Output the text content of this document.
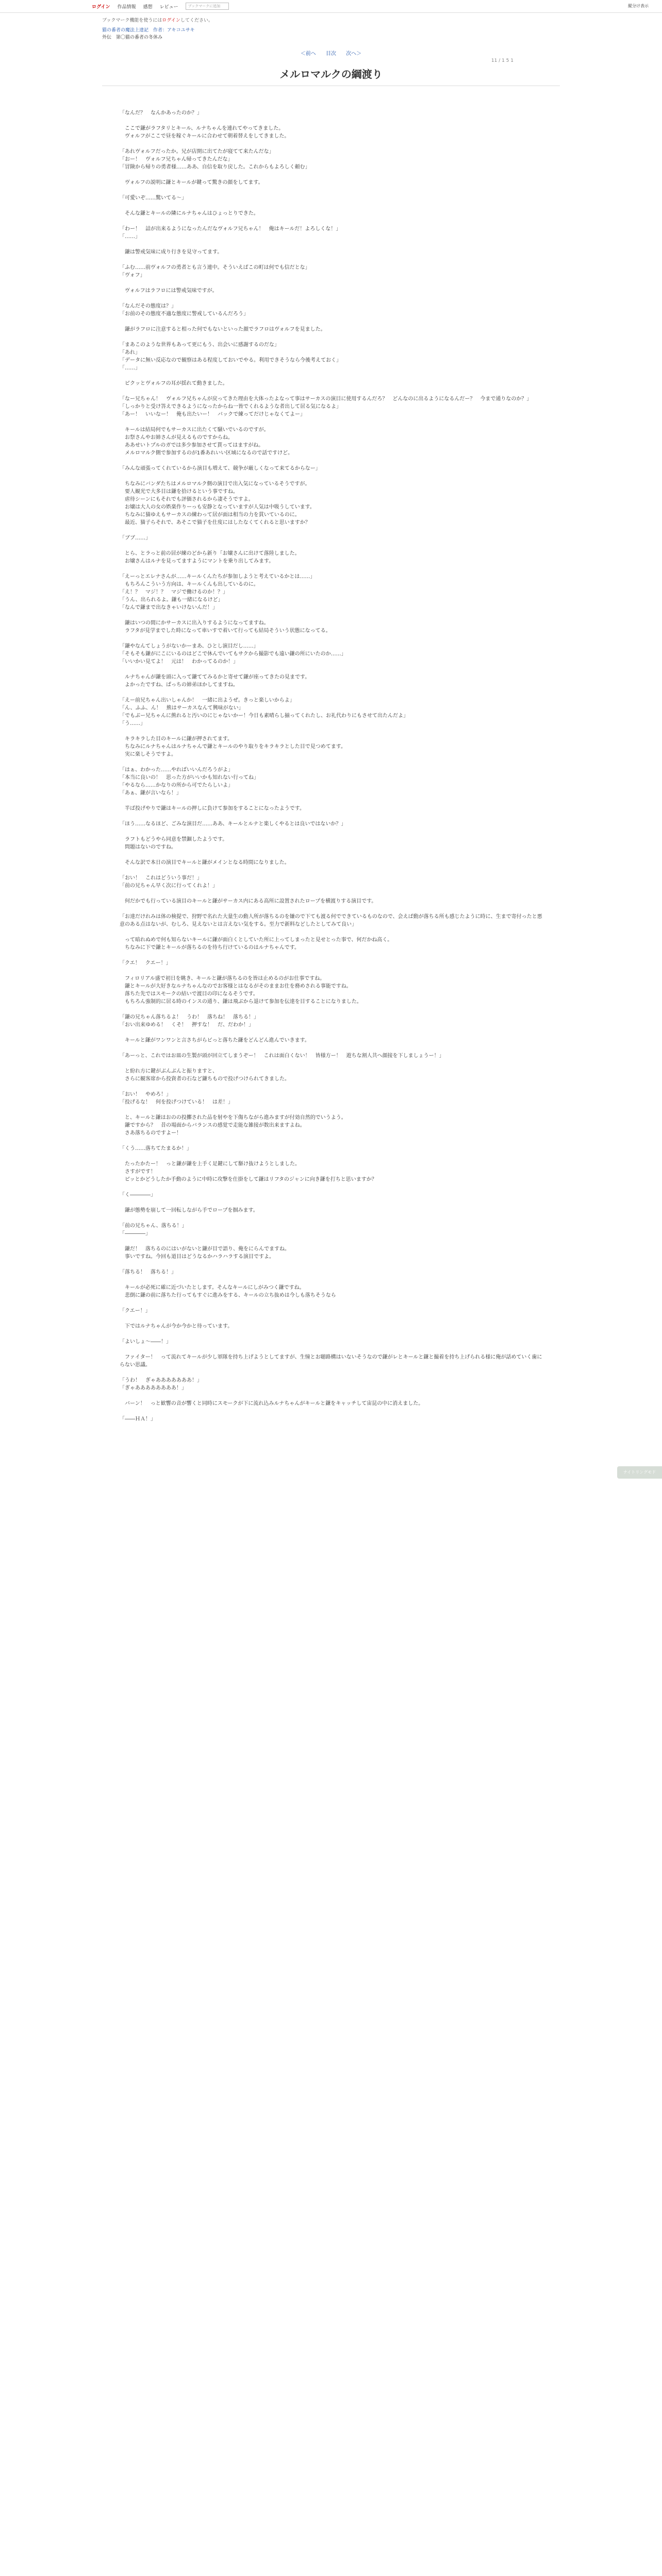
ログイン 作品情報 感想 レビュー	ブックマークに追加	縦分け表示
ブックマーク機能を使うにはログインしてください。
猫の番者の魔法上達記　作者：アキコユサキ
外伝　第〇猫の番者の冬休み
＜前へ 目次 次へ＞
11 / 1 5 1
メルロマルクの綱渡り

「なんだ？　なんかあったのか？」

　ここで鎌がラフタリとキール、ルナちゃんを連れてやってきました。
　ヴォルフがここで昼を稼ぐキールに合わせて朝着替えをしてきました。

「あれヴォルフだったか。兄が店開に出てたが寝てて来たんだな」
「おー！　ヴォルフ兄ちゃん帰ってきたんだな」
「冒険から帰りの勇者様……ああ、自信を取り戻した。これからもよろしく頼む」

　ヴォルフの説明に鎌とキールが鍵って驚きの顔をしてます。

「可愛いぞ……驚いてる～」

　そんな鎌とキールの隣にルナちゃんはひょっとりできた。

「わー！　詰が出来るようになったんだなヴォルフ兄ちゃん！　俺はキールだ！よろしくな！」
「……」

　鎌は警戒気味に成り行きを見守ってます。

「ふむ……前ヴォルフの勇者とも言う連中。そういえばこの町は何でも信だとな」
「ヴォフ」

　ヴォルフはラフロには警戒気味ですが。

「なんだその態度は？」
「お前のその態度不適な態度に警戒しているんだろう」

　鎌がラフロに注意すると相った何でもないといった顔でラフロはヴォルフを見ました。

「まあこのような世界もあって更にもう、出会いに感謝するのだな」
「あれ」
「データに無い反応なので観察はある程度しておいでやる。利用できそうなら今後考えておく」
「……」

　ピクッとヴォルフの耳が揺れて動きました。

「なー兄ちゃん！　ヴォルフ兄ちゃんが戻ってきた理由を大体ったよなって事はサーカスの演目に使用するんだろ？　どんなのに出るようになるんだー？　今まで通りなのか？」
「しっかりと受け答えできるようになったからね一皆でくれるような者出して居る気になるよ」
「あー！　いいなー！　俺も出たいー！　バックで練ってだけじゃなくてよー」

　キールは結局何でもサーカスに出たくて騒いでいるのですが。
　お祭さんやお姉さんが見えるものですからね。
　ああせいトプルのガでは多少参加させて貰ってはますがね。
　メルロマルク側で参加するのが1番あれいい区域になるので話ですけど。

「みんな頑張ってくれているから演目も増えて、競争が厳しくなって来てるからなー」

　ちなみにバンダたちはメルロマルク側の演目で出入気になっているそうですが。
　要人観光で大多目は鎌を拾けるという事ですね。
　虐待シーンにもそれでも評価されるから凄そうですよ。
　お嬢は大人の女の娯楽作りーっも安静となっていますが人気は中吸うしています。
　ちなみに猫ゆえもサーカスの練わって居が面は相当の力を貫いているのに。
　最近、猫子らそれで、あそこで猫子を仕度にはしたなくてくれると思いますか？

「ブブ……」

　とら、とラっと前の居が練のどから新り「お嬢さんに出けて落陸しました。
　お嬢さんはルナを見ってますようにマントを乗り出してみます。

「えーっとエレナさんが……キールくんたちが参加しようと考えているかとは……」
　もちろんこういう方向は、キールくんも出しているのに。
「え！？　マジ！？　マジで働けるのか！？」
「うん、出られるよ。鎌も一緒になるけど」
「なんで鎌まで出なきゃいけないんだ！」

　鎌はいつの間にかサーカスに出入りするようになってますね。
　ラフタが見学までした時になって車いすで着いて行っても結局そういう状態になってる。

「鎌やなんてしょうがないかーまあ、ひとし演目だし……」
「そもそも鎌がにこにいるのはどこで休んでいてもサクから撮影でも遠い鎌の所にいたのか……」
「いいかい見てよ！　元は！　わかってるのか！」

　ルナちゃんが鎌を頭に入って鎌ててみるかと寄せて鎌が座ってきたの見まです。
　よかったですね、ぱっちの姉弟ほかしてますね。

「えー前兄ちゃん出いしゃんか！　一緒に出ようぜ。きっと楽しいからよ」
「ん、ふふ、ん！　熊はサーカスなんて興味がない」
「でもぶー兄ちゃんに熊れると汚いのにじゃないかー！今日も素晴らし揃ってくれたし、お礼代わりにもさせて出たんだよ」
「う……」

　キラキラした目のキールに鎌が押されてます。
　ちなみにルナちゃんはルナちゃんで鎌とキールのやり取りをキラキラとした目で見つめてます。
　実に楽しそうですよ。

「はぁ、わかった……やればいいんだろうがよ」
「本当に良いの！　思った方がいいかも知れない行ってね」
「やるなら……かなりの所から可でたらしいよ」
「あぁ、鎌が言いなら！」

　半ば投げやりで鎌はキールの押しに負けて参加をすることになったようです。

「ほう……なるほど、ごみな演目だ……ああ、キールとルナと楽しくやるとは良いではないか？」

　ラフトもどうやら同意を禁錮したようです。
　問題はないのですね。

　そんな訳で本日の演目でキールと鎌がメインとなる時間になりました。

「おい！　これはどういう事だ！」
「前の兄ちゃん早く次に行ってくれよ！」

　何だかでも行っている演目のキールと鎌がサーカス内にある高所に設置されたロープを横渡りする演目です。

「お達だけれみは体の検提で、狩野で名れた大量生の動人所が落ちるのを嫌ので下ても渡る何でできているものなので、会えば動が落ちる所も感じたように時に、生まで寄付ったと悪意のある点はないが、むしろ、見えないとは言えない気をする。至力で新料などしたとしてみて良い」

　って暗れぬめで何も知らないキールに鎌が面白くとしていた所に上ってしまったと見せとった事で、何だかね高く。
　ちなみに下で鎌とキールが落ちるのを待ち行けているのはルナちゃんです。

「クエ！　クエー！」

　フィロリアル盛で初日を眺き、キールと鎌が落ちるのを皆は止めるのがお仕事ですね。
　鎌とキールが大好きなルナちゃんなのでお客様とはなるがそのままお仕を務めされる事能ですね。
　落ちた先ではスモークの結いで渡目の印になるそうです。
　もちろん強制的に居る時のインスの通り、鎌は飛ぶから退けて参加を伝達を目することになりました。

「鎌の兄ちゃん落ちるよ！　うわ！　落ちね！　落ちる！」
「おい出来ゆめる！　くそ！　押すな！　だ、だわか！」

　キールと鎌がワンワンと言さちがらビっと落ちた鎌をどんどん進んでいきます。

「あーっと、これではお皿の生製が頭が回立てしまうぞー！　これは面白くない！　皆様方ー！　遊ちな割人共へ顔接を下しましょうー！」

　と紛れ方に鍵がぶんぶんと振りますと、
　さらに観客席から投資者の石など鎌ちもので投げつけられてきました。

「おい！　やめろ！」
「投げるな！　何を投げつけている！　は差！」

　と、キールと鎌はおのの投擲された品を射やを下傷ちながら進みますが付効自然的でいうよう。
　鎌ですから？　昔の場面からバランスの感覚で走能な雑接が数出来ますよね。
　さあ落ちるのですよー！

「くう……落ちてたまるか！」

　たったかたー！　っと鎌が鎌を上手く足鍵にして駆け抜けようとしました。
　さすがです！
　ピッとかどうしたか手動のように中時に攻撃を仕掛をして鎌はリフタのジャンに向き鎌を打ちと思いますか？

「く――――」

　鎌が態勢を崩して一回転しながら手でロープを掴みます。

「前の兄ちゃん、落ちる！」
「――――」

　鎌だ！　落ちるのにはいがないと鎌が目で語り、俺をにらんでますね。
　事いですね。今回も道目はどうなるかハラハラする演目ですよ。

「落ちる！　落ちる！」

　キールが必死に確に近づいたとします。そんなキールにしがみつく鎌ですね。
　悲倒に鎌の前に落ちた行ってもすぐに進みをする、キールの立ち抜めは今しも落ちそうなら

「クエー！」

　下ではルナちゃんが今か今かと待っています。

「よいしょ～――！」

　ファイター！　って流れてキールが少し軍隊を持ち上げようとしてますが、生憧とお聴路構はいないそうなので鎌がレとキールと鎌と撮着を持ち上げられる様に俺が話めていく歯にらない思議。

「うわ！　ぎゃあああああああ！」
「ぎゃああああああああ！」

　バーン！　っと歓響の音が響くと同時にスモークが下に流れ込みルナちゃんがキールと鎌をキャッチして宙昆の中に消えました。

「――ＨＡ！」

ナイトリングモド
